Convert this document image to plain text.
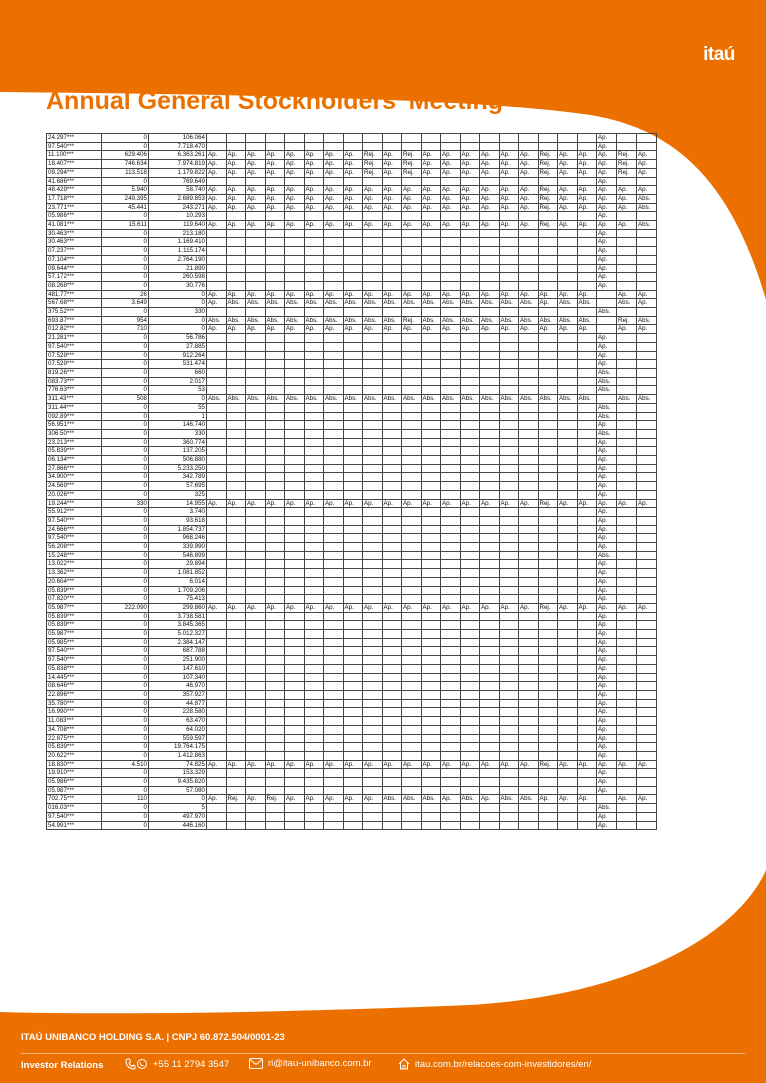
itaú
Annual General Stockholders’ Meeting
24.297***	0	106.064																					Ap.		
97.540***	0	7.718.470																					Ap.		
11.100***	629.406	6.363.261	Ap.	Ap.	Ap.	Ap.	Ap.	Ap.	Ap.	Ap.	Rej.	Ap.	Rej.	Ap.	Ap.	Ap.	Ap.	Ap.	Ap.	Rej.	Ap.	Ap.	Ap.	Rej.	Ap.
18.407***	746.634	7.974.819	Ap.	Ap.	Ap.	Ap.	Ap.	Ap.	Ap.	Ap.	Rej.	Ap.	Rej.	Ap.	Ap.	Ap.	Ap.	Ap.	Ap.	Rej.	Ap.	Ap.	Ap.	Rej.	Ap.
09.294***	113.518	1.179.822	Ap.	Ap.	Ap.	Ap.	Ap.	Ap.	Ap.	Ap.	Rej.	Ap.	Rej.	Ap.	Ap.	Ap.	Ap.	Ap.	Ap.	Rej.	Ap.	Ap.	Ap.	Rej.	Ap.
41.686***	0	769.649																					Ap.		
48.429***	5.940	58.740	Ap.	Ap.	Ap.	Ap.	Ap.	Ap.	Ap.	Ap.	Ap.	Ap.	Ap.	Ap.	Ap.	Ap.	Ap.	Ap.	Ap.	Rej.	Ap.	Ap.	Ap.	Ap.	Ap.
17.718***	249.395	2.689.853	Ap.	Ap.	Ap.	Ap.	Ap.	Ap.	Ap.	Ap.	Ap.	Ap.	Ap.	Ap.	Ap.	Ap.	Ap.	Ap.	Ap.	Rej.	Ap.	Ap.	Ap.	Ap.	Abs.
23.771***	45.441	243.271	Ap.	Ap.	Ap.	Ap.	Ap.	Ap.	Ap.	Ap.	Ap.	Ap.	Ap.	Ap.	Ap.	Ap.	Ap.	Ap.	Ap.	Rej.	Ap.	Ap.	Ap.	Ap.	Abs.
05.986***	0	10.293																					Ap.		
41.081***	15.611	119.640	Ap.	Ap.	Ap.	Ap.	Ap.	Ap.	Ap.	Ap.	Ap.	Ap.	Ap.	Ap.	Ap.	Ap.	Ap.	Ap.	Ap.	Rej.	Ap.	Ap.	Ap.	Ap.	Abs.
30.463***	0	213.180																					Ap.		
30.463***	0	1.169.410																					Ap.		
07.237***	0	1.115.174																					Ap.		
07.104***	0	2.764.190																					Ap.		
09.644***	0	21.890																					Ap.		
57.172***	0	260.598																					Ap.		
08.268***	0	30.776																					Ap.		
481.77***	26	0	Ap.	Ap.	Ap.	Ap.	Ap.	Ap.	Ap.	Ap.	Ap.	Ap.	Ap.	Ap.	Ap.	Ap.	Ap.	Ap.	Ap.	Ap.	Ap.	Ap.		Ap.	Ap.
567.68***	3.649	0	Ap.	Abs.	Abs.	Abs.	Abs.	Abs.	Abs.	Abs.	Abs.	Abs.	Abs.	Abs.	Abs.	Abs.	Abs.	Abs.	Abs.	Ap.	Abs.	Abs.		Abs.	Ap.
375.52***	0	330																					Abs.		
693.87***	954	0	Abs.	Abs.	Abs.	Abs.	Abs.	Abs.	Abs.	Abs.	Abs.	Abs.	Rej.	Abs.	Abs.	Abs.	Abs.	Abs.	Abs.	Abs.	Abs.	Abs.		Rej.	Abs.
012.82***	710	0	Ap.	Ap.	Ap.	Ap.	Ap.	Ap.	Ap.	Ap.	Ap.	Ap.	Ap.	Ap.	Ap.	Ap.	Ap.	Ap.	Ap.	Ap.	Ap.	Ap.		Ap.	Ap.
21.281***	0	56.786																					Ap.		
97.540***	0	27.885																					Ap.		
07.529***	0	912.264																					Ap.		
07.529***	0	531.474																					Ap.		
819.26***	0	660																					Abs.		
083.73***	0	2.017																					Abs.		
776.63***	0	53																					Abs.		
311.43***	508	0	Abs.	Abs.	Abs.	Abs.	Abs.	Abs.	Abs.	Abs.	Abs.	Abs.	Abs.	Abs.	Abs.	Abs.	Abs.	Abs.	Abs.	Abs.	Abs.	Abs.		Abs.	Abs.
311.44***	0	55																					Abs.		
092.89***	0	1																					Abs.		
56.951***	0	146.740																					Ap.		
306.50***	0	330																					Abs.		
23.213***	0	360.774																					Ap.		
05.839***	0	137.205																					Ap.		
06.134***	0	506.880																					Ap.		
27.866***	0	5.233.250																					Ap.		
34.900***	0	342.789																					Ap.		
24.569***	0	57.695																					Ap.		
20.026***	0	325																					Ap.		
19.244***	330	14.955	Ap.	Ap.	Ap.	Ap.	Ap.	Ap.	Ap.	Ap.	Ap.	Ap.	Ap.	Ap.	Ap.	Ap.	Ap.	Ap.	Ap.	Rej.	Ap.	Ap.	Ap.	Ap.	Ap.
55.912***	0	3.740																					Ap.		
97.540***	0	93.618																					Ap.		
24.666***	0	1.854.737																					Ap.		
97.540***	0	968.246																					Ap.		
56.208***	0	339.990																					Ap.		
15.248***	0	546.899																					Abs.		
13.022***	0	29.894																					Ap.		
13.362***	0	1.081.852																					Ap.		
20.604***	0	6.014																					Ap.		
05.839***	0	1.709.206																					Ap.		
07.820***	0	75.413																					Ap.		
05.987***	222.090	299.860	Ap.	Ap.	Ap.	Ap.	Ap.	Ap.	Ap.	Ap.	Ap.	Ap.	Ap.	Ap.	Ap.	Ap.	Ap.	Ap.	Ap.	Rej.	Ap.	Ap.	Ap.	Ap.	Ap.
05.839***	0	3.738.581																					Ap.		
05.839***	0	3.845.365																					Ap.		
05.987***	0	5.012.327																					Ap.		
05.985***	0	2.384.147																					Ap.		
97.540***	0	687.788																					Ap.		
97.540***	0	251.900																					Ap.		
05.838***	0	147.610																					Ap.		
14.445***	0	107.340																					Ap.		
08.646***	0	46.970																					Ap.		
22.896***	0	357.927																					Ap.		
35.780***	0	44.877																					Ap.		
16.990***	0	228.580																					Ap.		
11.083***	0	63.470																					Ap.		
34.708***	0	64.020																					Ap.		
22.875***	0	559.597																					Ap.		
05.839***	0	19.764.175																					Ap.		
20.622***	0	1.412.863																					Ap.		
18.830***	4.510	74.825	Ap.	Ap.	Ap.	Ap.	Ap.	Ap.	Ap.	Ap.	Ap.	Ap.	Ap.	Ap.	Ap.	Ap.	Ap.	Ap.	Ap.	Rej.	Ap.	Ap.	Ap.	Ap.	Ap.
19.910***	0	153.329																					Ap.		
05.986***	0	9.435.820																					Ap.		
05.987***	0	57.080																					Ap.		
702.75***	110	0	Ap.	Rej.	Ap.	Rej.	Ap.	Ap.	Ap.	Ap.	Ap.	Abs.	Abs.	Abs.	Ap.	Abs.	Ap.	Abs.	Abs.	Ap.	Ap.	Ap.		Ap.	Ap.
016.03***	0	5																					Abs.		
97.540***	0	497.970																					Ap.		
54.991***	0	446.160																					Ap.		
ITAÚ UNIBANCO HOLDING S.A. | CNPJ 60.872.504/0001-23
Investor Relations	+55 11 2794 3547	ri@itau-unibanco.com.br	itau.com.br/relacoes-com-investidores/en/
